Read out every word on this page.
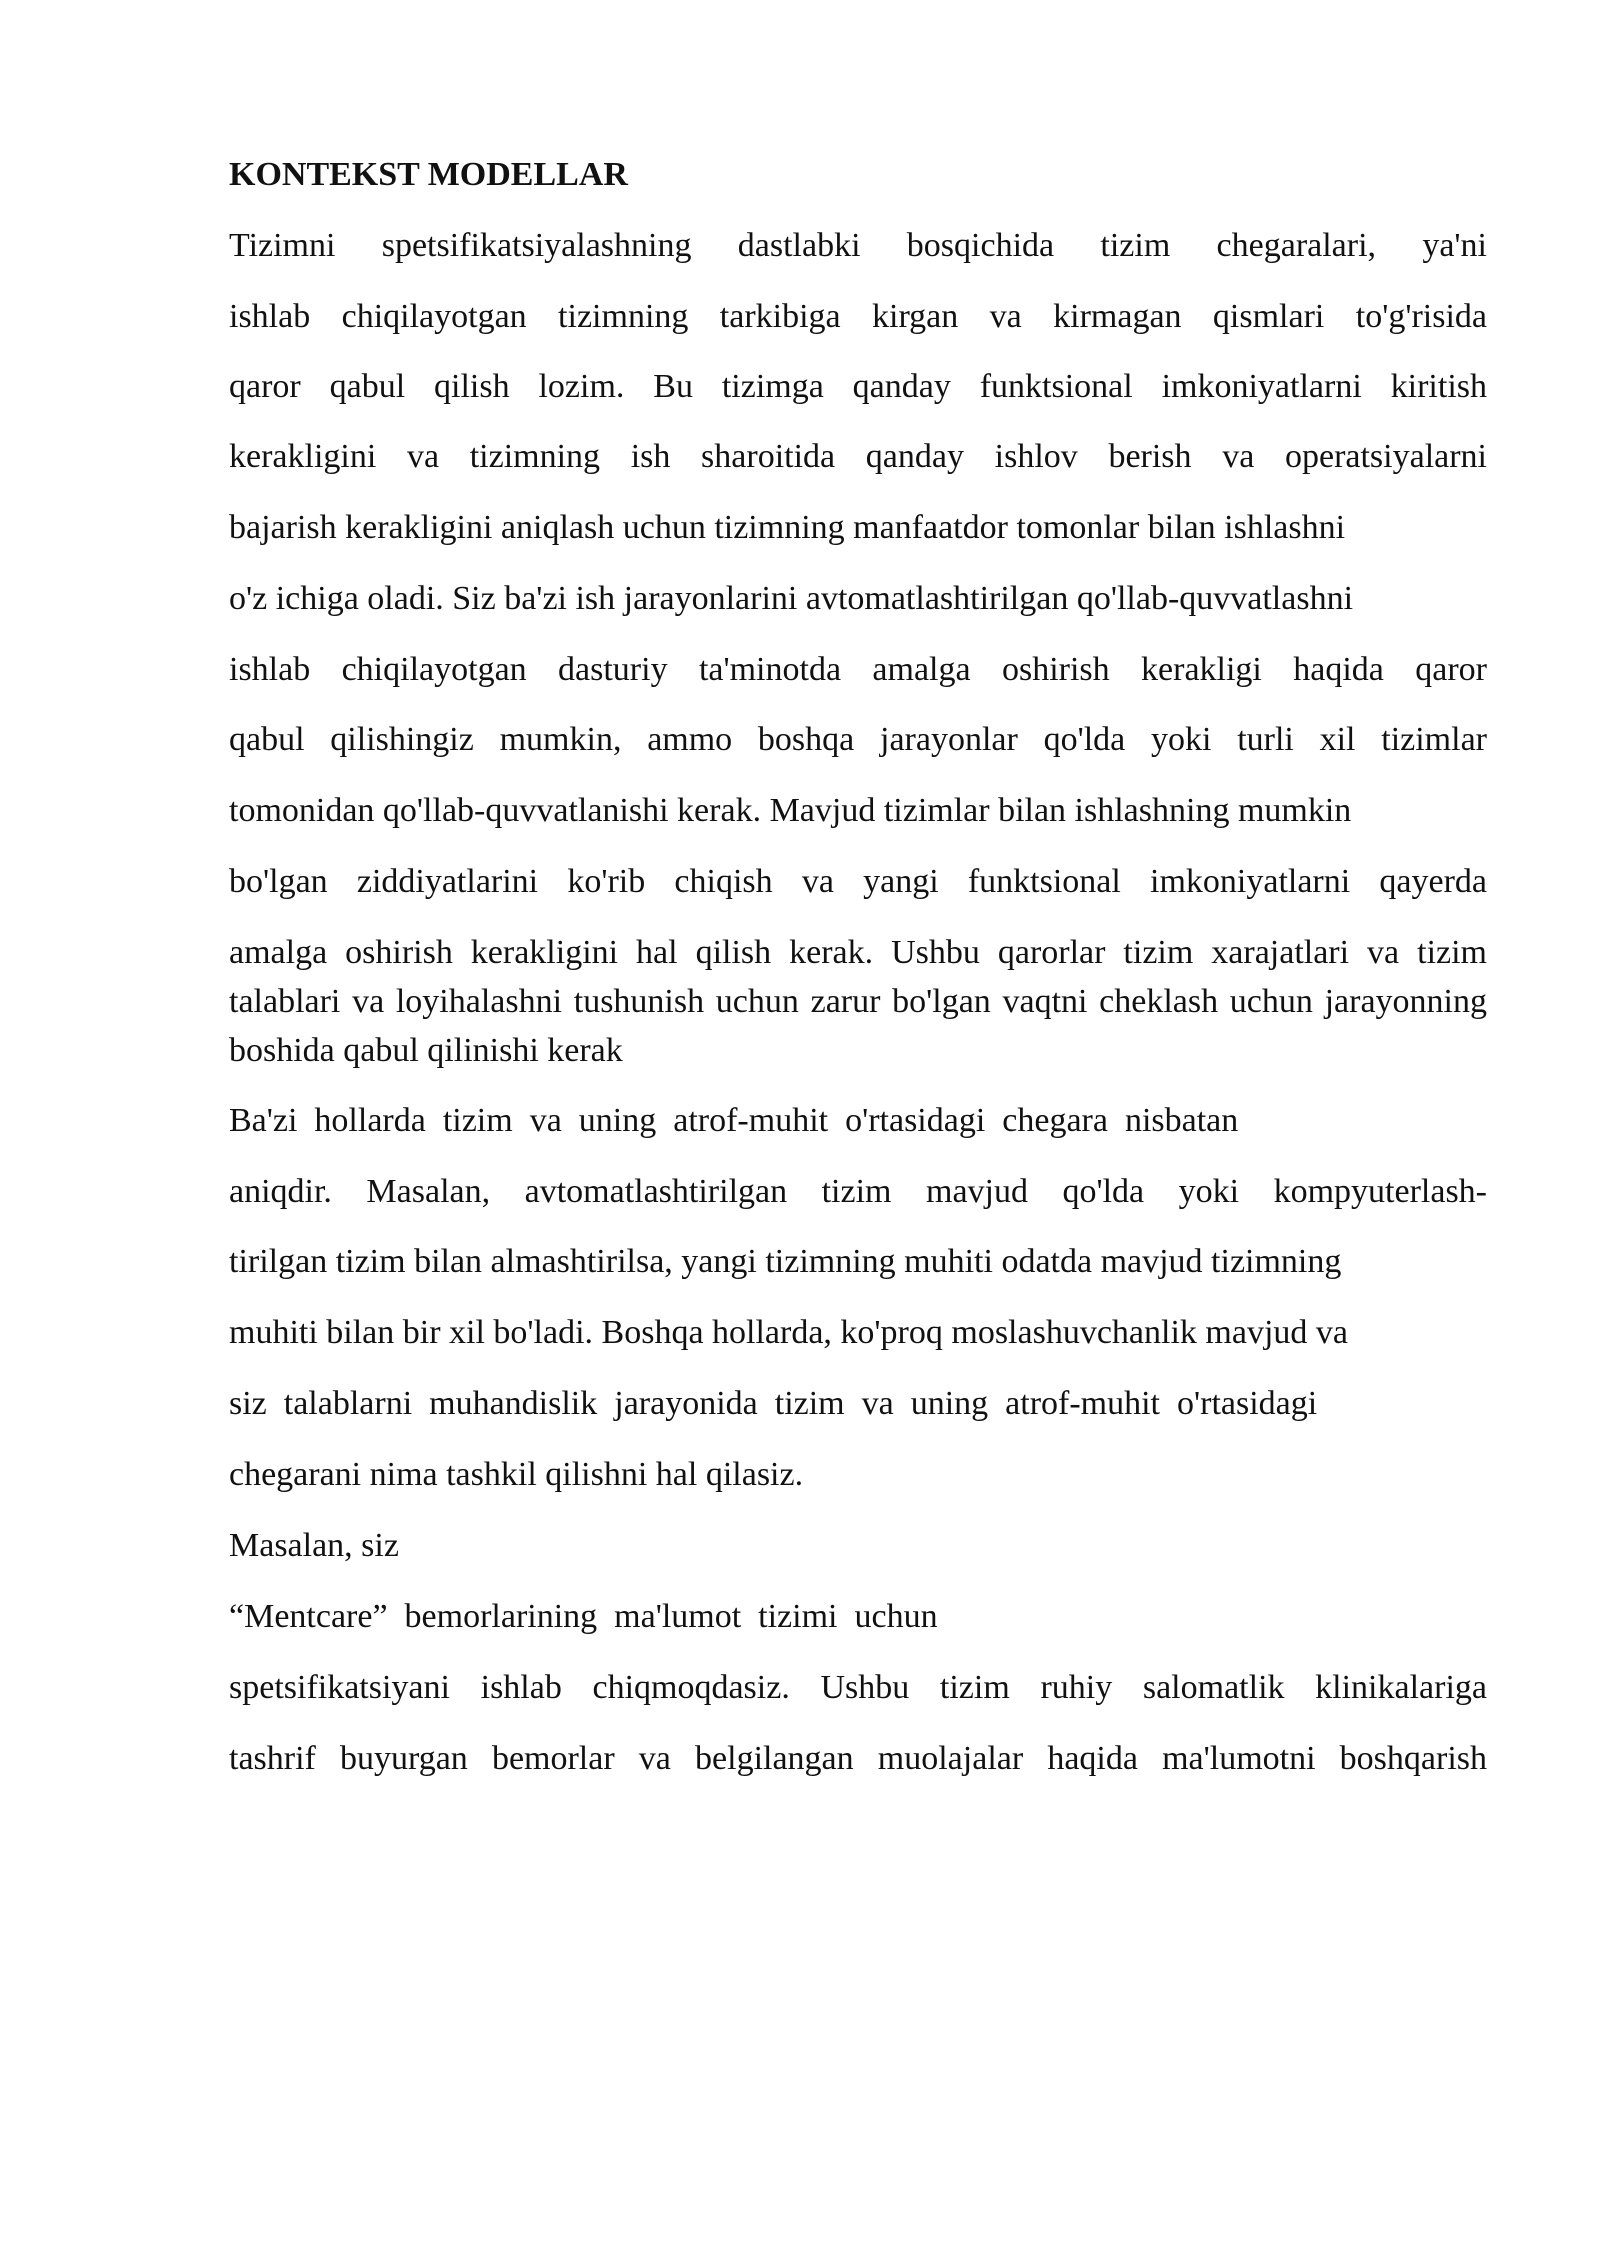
KONTEKST MODELLAR
Tizimni spetsifikatsiyalashning dastlabki bosqichida tizim chegaralari, ya'ni
ishlab chiqilayotgan tizimning tarkibiga kirgan va kirmagan qismlari to'g'risida
qaror qabul qilish lozim. Bu tizimga qanday funktsional imkoniyatlarni kiritish
kerakligini va tizimning ish sharoitida qanday ishlov berish va operatsiyalarni
bajarish kerakligini aniqlash uchun tizimning manfaatdor tomonlar bilan ishlashni
o'z ichiga oladi. Siz ba'zi ish jarayonlarini avtomatlashtirilgan qo'llab-quvvatlashni
ishlab chiqilayotgan dasturiy ta'minotda amalga oshirish kerakligi haqida qaror
qabul qilishingiz mumkin, ammo boshqa jarayonlar qo'lda yoki turli xil tizimlar
tomonidan qo'llab-quvvatlanishi kerak. Mavjud tizimlar bilan ishlashning mumkin
bo'lgan ziddiyatlarini ko'rib chiqish va yangi funktsional imkoniyatlarni qayerda
amalga oshirish kerakligini hal qilish kerak. Ushbu qarorlar tizim xarajatlari va tizim talablari va loyihalashni tushunish uchun zarur bo'lgan vaqtni cheklash uchun jarayonning boshida qabul qilinishi kerak
Ba'zi  hollarda  tizim  va  uning  atrof-muhit  o'rtasidagi  chegara  nisbatan
aniqdir. Masalan, avtomatlashtirilgan tizim mavjud qo'lda yoki kompyuterlash-
tirilgan tizim bilan almashtirilsa, yangi tizimning muhiti odatda mavjud tizimning
muhiti bilan bir xil bo'ladi. Boshqa hollarda, ko'proq moslashuvchanlik mavjud va
siz  talablarni  muhandislik  jarayonida  tizim  va  uning  atrof-muhit  o'rtasidagi
chegarani nima tashkil qilishni hal qilasiz.
Masalan, siz
“Mentcare”  bemorlarining  ma'lumot  tizimi  uchun
spetsifikatsiyani ishlab chiqmoqdasiz. Ushbu tizim ruhiy salomatlik klinikalariga
tashrif buyurgan bemorlar va belgilangan muolajalar haqida ma'lumotni boshqarish
